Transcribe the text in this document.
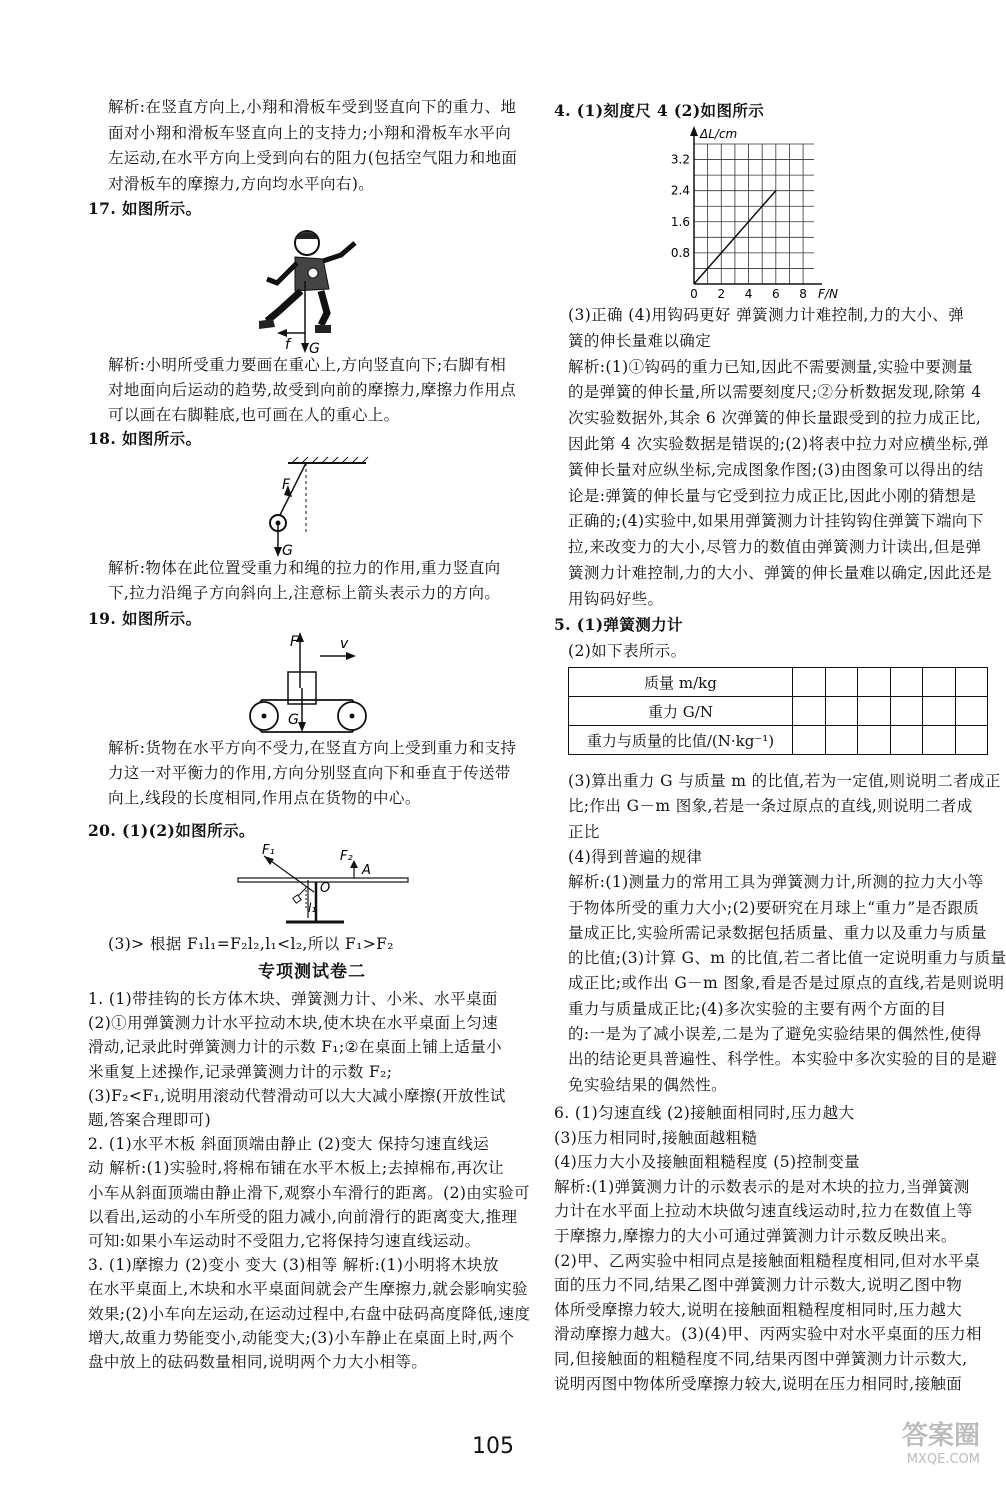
解析:在竖直方向上,小翔和滑板车受到竖直向下的重力、地
面对小翔和滑板车竖直向上的支持力;小翔和滑板车水平向
左运动,在水平方向上受到向右的阻力(包括空气阻力和地面
对滑板车的摩擦力,方向均水平向右)。
17. 如图所示。
f G
解析:小明所受重力要画在重心上,方向竖直向下;右脚有相
对地面向后运动的趋势,故受到向前的摩擦力,摩擦力作用点
可以画在右脚鞋底,也可画在人的重心上。
18. 如图所示。
F
G
解析:物体在此位置受重力和绳的拉力的作用,重力竖直向
下,拉力沿绳子方向斜向上,注意标上箭头表示力的方向。
19. 如图所示。
F	v
G
解析:货物在水平方向不受力,在竖直方向上受到重力和支持
力这一对平衡力的作用,方向分别竖直向下和垂直于传送带
向上,线段的长度相同,作用点在货物的中心。
20. (1)(2)如图所示。
F₁	F₂
A
O
l₁
(3)> 根据 F₁l₁=F₂l₂,l₁<l₂,所以 F₁>F₂
专项测试卷二
1. (1)带挂钩的长方体木块、弹簧测力计、小米、水平桌面
(2)①用弹簧测力计水平拉动木块,使木块在水平桌面上匀速
滑动,记录此时弹簧测力计的示数 F₁;②在桌面上铺上适量小
米重复上述操作,记录弹簧测力计的示数 F₂;
(3)F₂<F₁,说明用滚动代替滑动可以大大减小摩擦(开放性试
题,答案合理即可)
2. (1)水平木板 斜面顶端由静止 (2)变大 保持匀速直线运
动 解析:(1)实验时,将棉布铺在水平木板上;去掉棉布,再次让
小车从斜面顶端由静止滑下,观察小车滑行的距离。(2)由实验可
以看出,运动的小车所受的阻力减小,向前滑行的距离变大,推理
可知:如果小车运动时不受阻力,它将保持匀速直线运动。
3. (1)摩擦力 (2)变小 变大 (3)相等 解析:(1)小明将木块放
在水平桌面上,木块和水平桌面间就会产生摩擦力,就会影响实验
效果;(2)小车向左运动,在运动过程中,右盘中砝码高度降低,速度
增大,故重力势能变小,动能变大;(3)小车静止在桌面上时,两个
盘中放上的砝码数量相同,说明两个力大小相等。
4. (1)刻度尺 4 (2)如图所示
0 2 4 6 8
0.8
1.6
2.4
3.2
F/N
ΔL/cm
(3)正确 (4)用钩码更好 弹簧测力计难控制,力的大小、弹
簧的伸长量难以确定
解析:(1)①钩码的重力已知,因此不需要测量,实验中要测量
的是弹簧的伸长量,所以需要刻度尺;②分析数据发现,除第 4
次实验数据外,其余 6 次弹簧的伸长量跟受到的拉力成正比,
因此第 4 次实验数据是错误的;(2)将表中拉力对应横坐标,弹
簧伸长量对应纵坐标,完成图象作图;(3)由图象可以得出的结
论是:弹簧的伸长量与它受到拉力成正比,因此小刚的猜想是
正确的;(4)实验中,如果用弹簧测力计挂钩钩住弹簧下端向下
拉,来改变力的大小,尽管力的数值由弹簧测力计读出,但是弹
簧测力计难控制,力的大小、弹簧的伸长量难以确定,因此还是
用钩码好些。
5. (1)弹簧测力计
(2)如下表所示。
质量 m/kg						
重力 G/N						
重力与质量的比值/(N·kg⁻¹)						
(3)算出重力 G 与质量 m 的比值,若为一定值,则说明二者成正
比;作出 G－m 图象,若是一条过原点的直线,则说明二者成
正比
(4)得到普遍的规律
解析:(1)测量力的常用工具为弹簧测力计,所测的拉力大小等
于物体所受的重力大小;(2)要研究在月球上“重力”是否跟质
量成正比,实验所需记录数据包括质量、重力以及重力与质量
的比值;(3)计算 G、m 的比值,若二者比值一定说明重力与质量
成正比;或作出 G－m 图象,看是否是过原点的直线,若是则说明
重力与质量成正比;(4)多次实验的主要有两个方面的目
的:一是为了减小误差,二是为了避免实验结果的偶然性,使得
出的结论更具普遍性、科学性。本实验中多次实验的目的是避
免实验结果的偶然性。
6. (1)匀速直线 (2)接触面相同时,压力越大
(3)压力相同时,接触面越粗糙
(4)压力大小及接触面粗糙程度 (5)控制变量
解析:(1)弹簧测力计的示数表示的是对木块的拉力,当弹簧测
力计在水平面上拉动木块做匀速直线运动时,拉力在数值上等
于摩擦力,摩擦力的大小可通过弹簧测力计示数反映出来。
(2)甲、乙两实验中相同点是接触面粗糙程度相同,但对水平桌
面的压力不同,结果乙图中弹簧测力计示数大,说明乙图中物
体所受摩擦力较大,说明在接触面粗糙程度相同时,压力越大
滑动摩擦力越大。(3)(4)甲、丙两实验中对水平桌面的压力相
同,但接触面的粗糙程度不同,结果丙图中弹簧测力计示数大,
说明丙图中物体所受摩擦力较大,说明在压力相同时,接触面
105	答案圈
MXQE.COM
